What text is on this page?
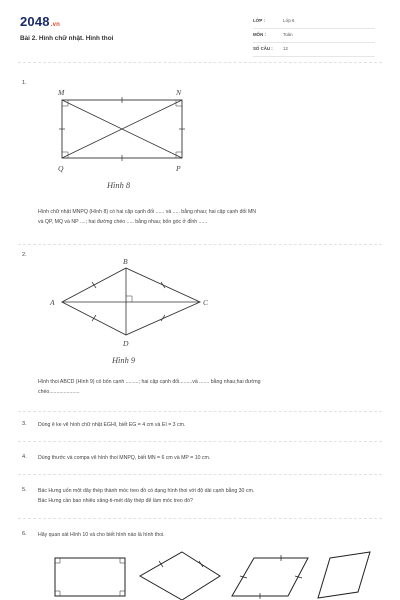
2048.vn
Bài 2. Hình chữ nhật. Hình thoi
LỚP :	Lớp 6
MÔN :	Toán
SỐ CÂU : 12
1.
M	N
Q	P
Hình 8
Hình chữ nhật MNPQ (Hình 8) có hai cặp cạnh đối ...... và ..... bằng nhau; hai cặp cạnh đối MN
và QP, MQ và NP ....; hai đường chéo ..... bằng nhau; bốn góc ở đỉnh ......
2.
B
A	C
D
Hình 9
Hình thoi ABCD (Hình 9) có bốn cạnh .........; hai cặp cạnh đối.........và ....... bằng nhau;hai đường
chéo.....................
3. Dùng ê ke vẽ hình chữ nhật EGHI, biết EG = 4 cm và EI = 3 cm.
4. Dùng thước và compa vẽ hình thoi MNPQ, biết MN = 6 cm và MP = 10 cm.
5. Bác Hưng uốn một dây thép thành móc treo đồ có dạng hình thoi với độ dài cạnh bằng 30 cm.
Bác Hưng cần bao nhiêu xăng-ti-mét dây thép để làm móc treo đó?
6. Hãy quan sát Hình 10 và cho biết hình nào là hình thoi.
